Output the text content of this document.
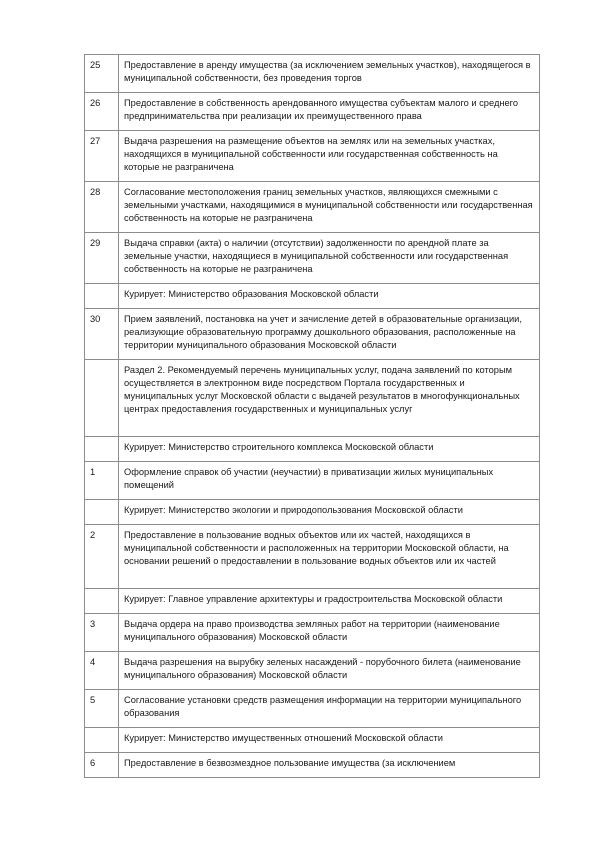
25	Предоставление в аренду имущества (за исключением земельных участков), находящегося в муниципальной собственности, без проведения торгов
26	Предоставление в собственность арендованного имущества субъектам малого и среднего предпринимательства при реализации их преимущественного права
27	Выдача разрешения на размещение объектов на землях или на земельных участках, находящихся в муниципальной собственности или государственная собственность на которые не разграничена
28	Согласование местоположения границ земельных участков, являющихся смежными с земельными участками, находящимися в муниципальной собственности или государственная собственность на которые не разграничена
29	Выдача справки (акта) о наличии (отсутствии) задолженности по арендной плате за земельные участки, находящиеся в муниципальной собственности или государственная собственность на которые не разграничена
	Курирует: Министерство образования Московской области
30	Прием заявлений, постановка на учет и зачисление детей в образовательные организации, реализующие образовательную программу дошкольного образования, расположенные на территории муниципального образования Московской области
	Раздел 2. Рекомендуемый перечень муниципальных услуг, подача заявлений по которым осуществляется в электронном виде посредством Портала государственных и муниципальных услуг Московской области с выдачей результатов в многофункциональных центрах предоставления государственных и муниципальных услуг
	Курирует: Министерство строительного комплекса Московской области
1	Оформление справок об участии (неучастии) в приватизации жилых муниципальных помещений
	Курирует: Министерство экологии и природопользования Московской области
2	Предоставление в пользование водных объектов или их частей, находящихся в муниципальной собственности и расположенных на территории Московской области, на основании решений о предоставлении в пользование водных объектов или их частей
	Курирует: Главное управление архитектуры и градостроительства Московской области
3	Выдача ордера на право производства земляных работ на территории (наименование муниципального образования) Московской области
4	Выдача разрешения на вырубку зеленых насаждений - порубочного билета (наименование муниципального образования) Московской области
5	Согласование установки средств размещения информации на территории муниципального образования
	Курирует: Министерство имущественных отношений Московской области
6	Предоставление в безвозмездное пользование имущества (за исключением
